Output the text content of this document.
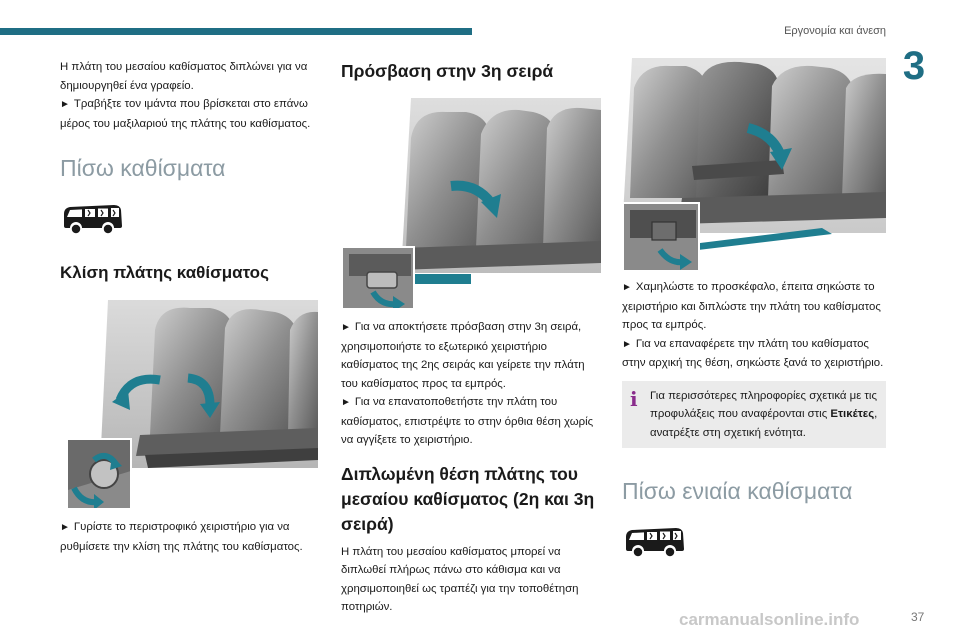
Εργονομία και άνεση
3

Η πλάτη του μεσαίου καθίσματος διπλώνει για να δημιουργηθεί ένα γραφείο.

► Τραβήξτε τον ιμάντα που βρίσκεται στο επάνω μέρος του μαξιλαριού της πλάτης του καθίσματος.

Πίσω καθίσματα
Κλίση πλάτης καθίσματος

► Γυρίστε το περιστροφικό χειριστήριο για να ρυθμίσετε την κλίση της πλάτης του καθίσματος.

Πρόσβαση στην 3η σειρά

► Για να αποκτήσετε πρόσβαση στην 3η σειρά, χρησιμοποιήστε το εξωτερικό χειριστήριο καθίσματος της 2ης σειράς και γείρετε την πλάτη του καθίσματος προς τα εμπρός.

► Για να επανατοποθετήστε την πλάτη του καθίσματος, επιστρέψτε το στην όρθια θέση χωρίς να αγγίξετε το χειριστήριο.

Διπλωμένη θέση πλάτης του μεσαίου καθίσματος (2η και 3η σειρά)

Η πλάτη του μεσαίου καθίσματος μπορεί να διπλωθεί πλήρως πάνω στο κάθισμα και να χρησιμοποιηθεί ως τραπέζι για την τοποθέτηση ποτηριών.

► Χαμηλώστε το προσκέφαλο, έπειτα σηκώστε το χειριστήριο και διπλώστε την πλάτη του καθίσματος προς τα εμπρός.

► Για να επαναφέρετε την πλάτη του καθίσματος στην αρχική της θέση, σηκώστε ξανά το χειριστήριο.

i Για περισσότερες πληροφορίες σχετικά με τις προφυλάξεις που αναφέρονται στις Ετικέτες, ανατρέξτε στη σχετική ενότητα.
Πίσω ενιαία καθίσματα
carmanualsonline.info	37
